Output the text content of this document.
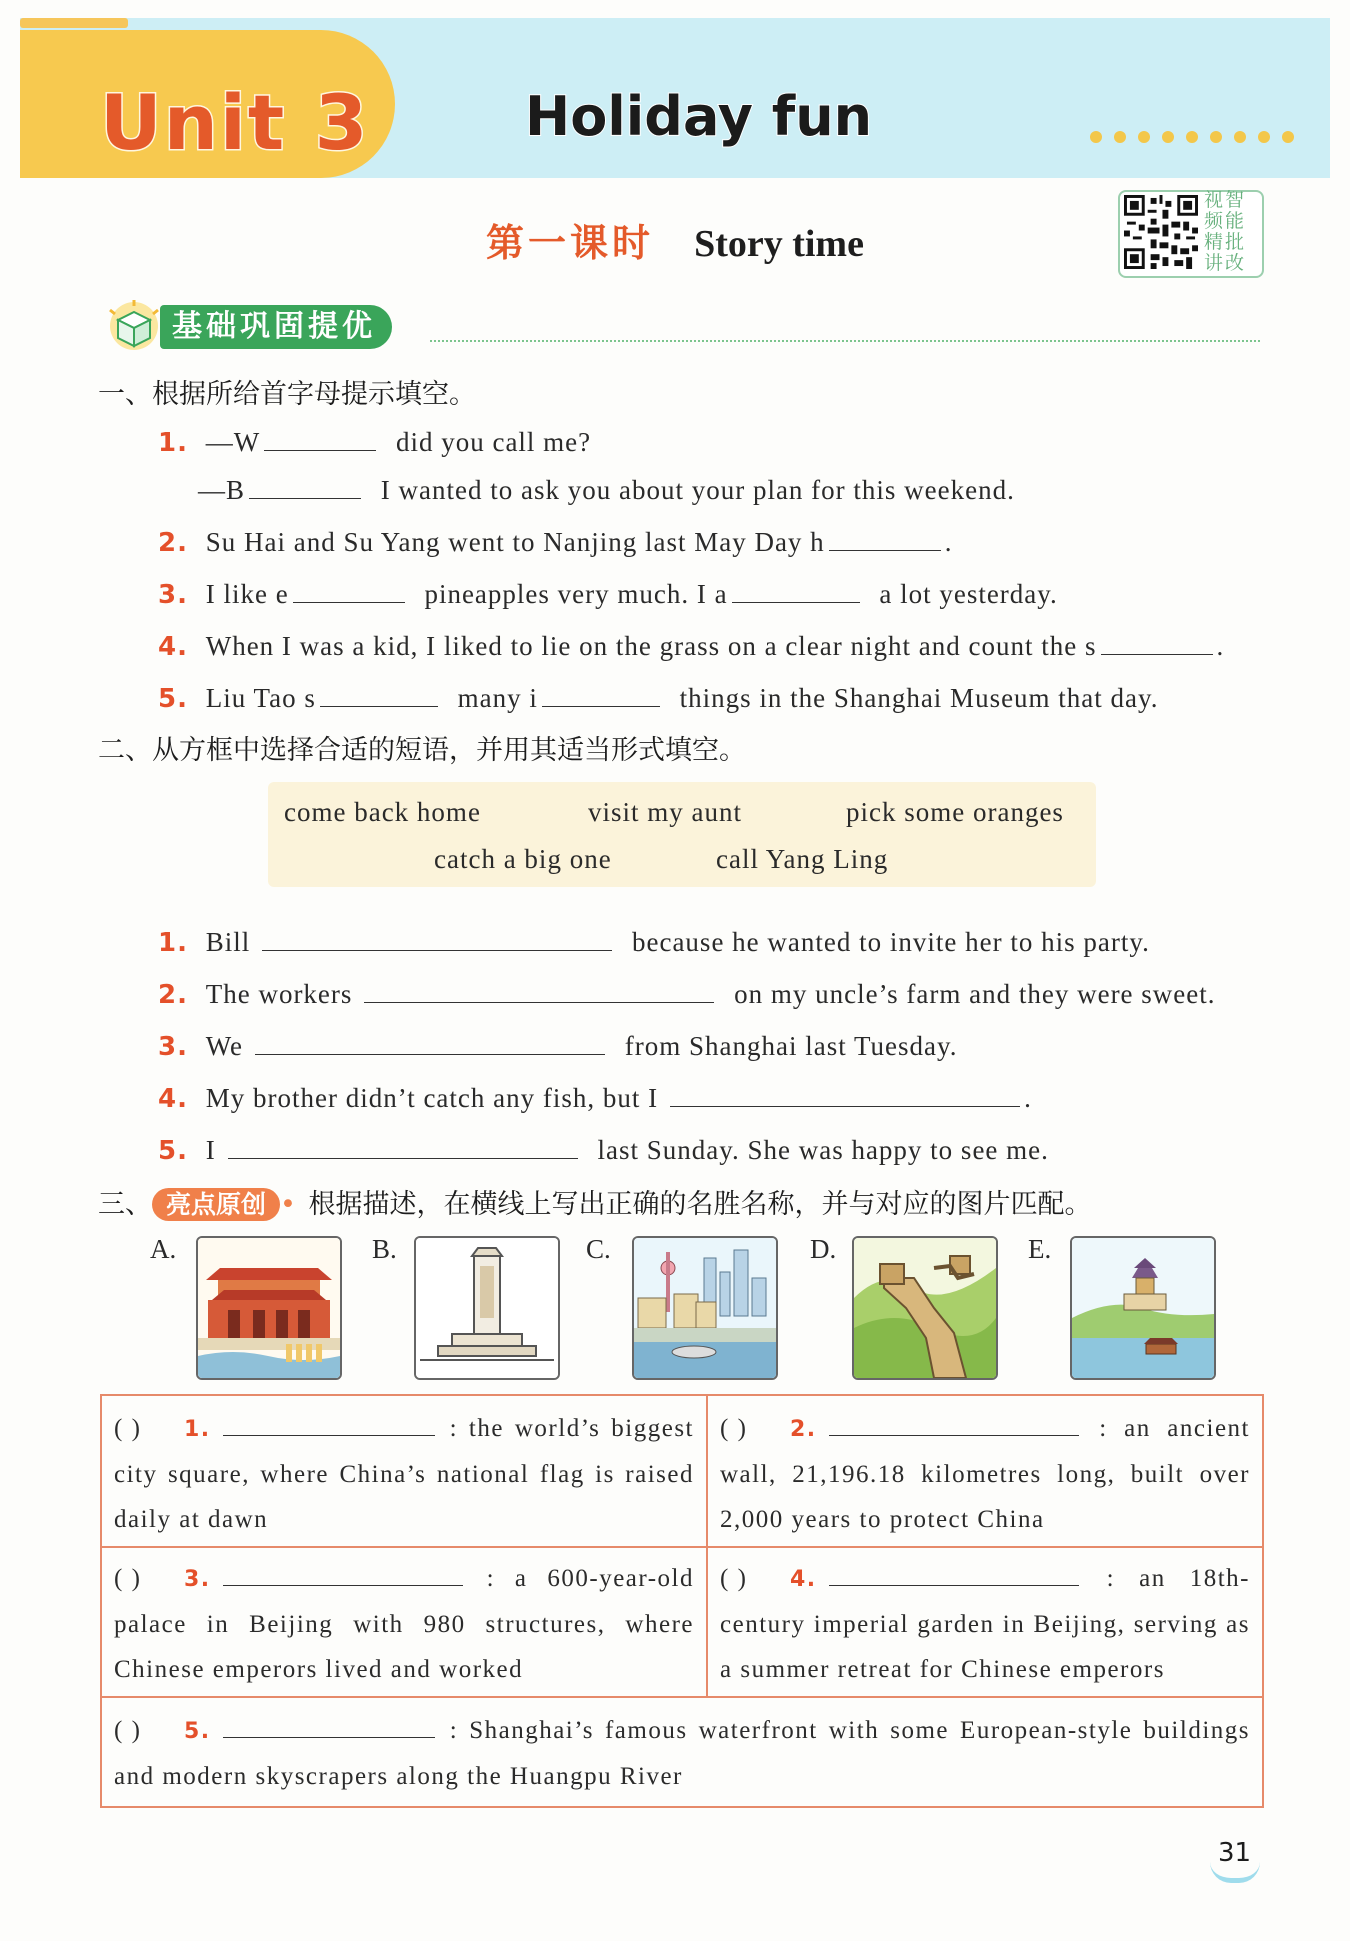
Unit 3	Holiday fun
第一课时 Story time
视智
频能
精批
讲改
基础巩固提优
一、根据所给首字母提示填空。
1. —W	did you call me?
—B	I wanted to ask you about your plan for this weekend.
2. Su Hai and Su Yang went to Nanjing last May Day h	.
3. I like e	pineapples very much. I a	a lot yesterday.
4. When I was a kid, I liked to lie on the grass on a clear night and count the s	.
5. Liu Tao s	many i	things in the Shanghai Museum that day.
二、从方框中选择合适的短语，并用其适当形式填空。
come back home	visit my aunt	pick some oranges
catch a big one	call Yang Ling
1. Bill	because he wanted to invite her to his party.
2. The workers	on my uncle’s farm and they were sweet.
3. We	from Shanghai last Tuesday.
4. My brother didn’t catch any fish, but I	.
5. I	last Sunday. She was happy to see me.
三、 亮点原创 • 根据描述，在横线上写出正确的名胜名称，并与对应的图片匹配。
A.	B.	C.	D.	E.
( ) 1.	: the world’s biggest city square, where China’s national flag is raised daily at dawn
( ) 2.	: an ancient wall, 21,196.18 kilometres long, built over 2,000 years to protect China
( ) 3.	: a 600-year-old palace in Beijing with 980 structures, where Chinese emperors lived and worked
( ) 4.	: an 18th-century imperial garden in Beijing, serving as a summer retreat for Chinese emperors
( ) 5.	: Shanghai’s famous waterfront with some European-style buildings and modern skyscrapers along the Huangpu River
31
